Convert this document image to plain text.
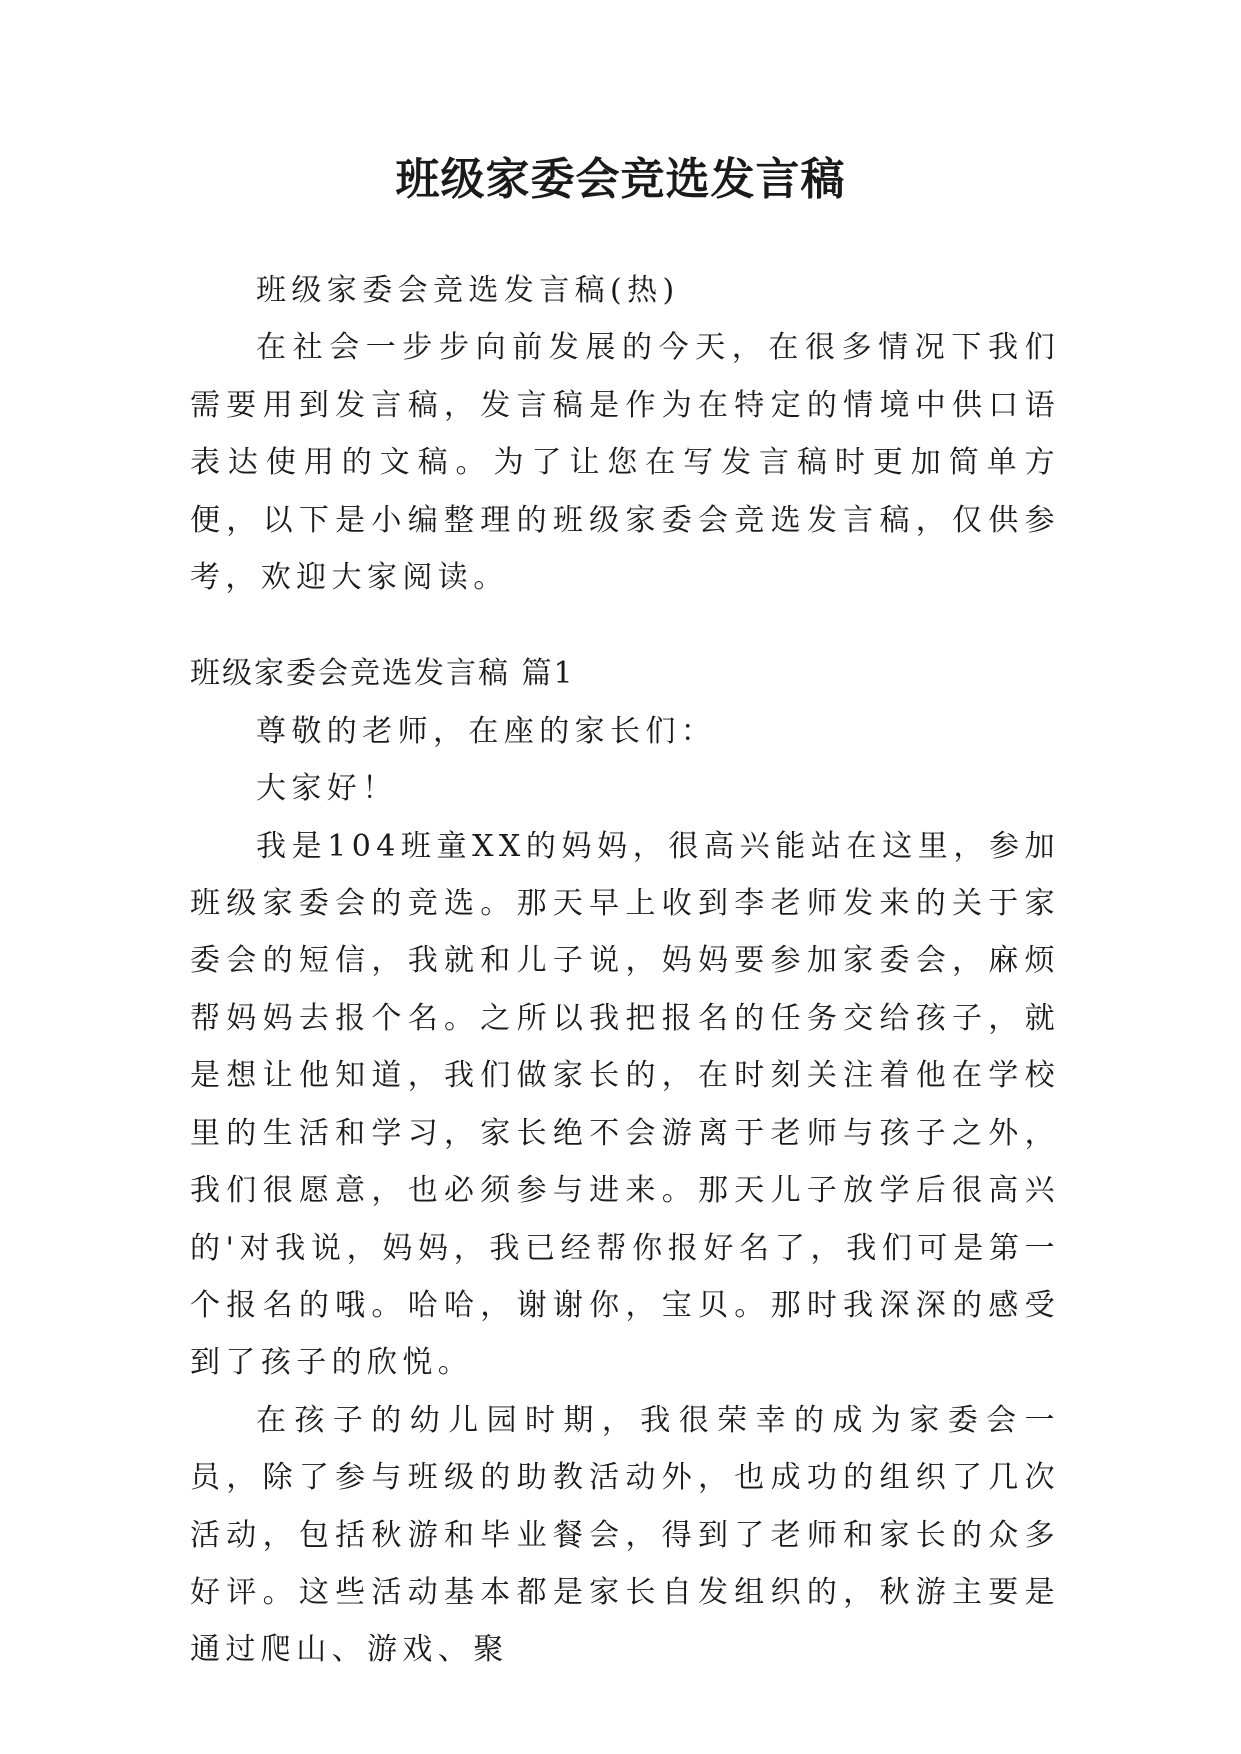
班级家委会竞选发言稿

班级家委会竞选发言稿(热)

在社会一步步向前发展的今天，在很多情况下我们需要用到发言稿，发言稿是作为在特定的情境中供口语表达使用的文稿。为了让您在写发言稿时更加简单方便，以下是小编整理的班级家委会竞选发言稿，仅供参考，欢迎大家阅读。

班级家委会竞选发言稿 篇1

尊敬的老师，在座的家长们：

大家好！

我是104班童XX的妈妈，很高兴能站在这里，参加班级家委会的竞选。那天早上收到李老师发来的关于家委会的短信，我就和儿子说，妈妈要参加家委会，麻烦帮妈妈去报个名。之所以我把报名的任务交给孩子，就是想让他知道，我们做家长的，在时刻关注着他在学校里的生活和学习，家长绝不会游离于老师与孩子之外，我们很愿意，也必须参与进来。那天儿子放学后很高兴的'对我说，妈妈，我已经帮你报好名了，我们可是第一个报名的哦。哈哈，谢谢你，宝贝。那时我深深的感受到了孩子的欣悦。

在孩子的幼儿园时期，我很荣幸的成为家委会一员，除了参与班级的助教活动外，也成功的组织了几次活动，包括秋游和毕业餐会，得到了老师和家长的众多好评。这些活动基本都是家长自发组织的，秋游主要是通过爬山、游戏、聚
